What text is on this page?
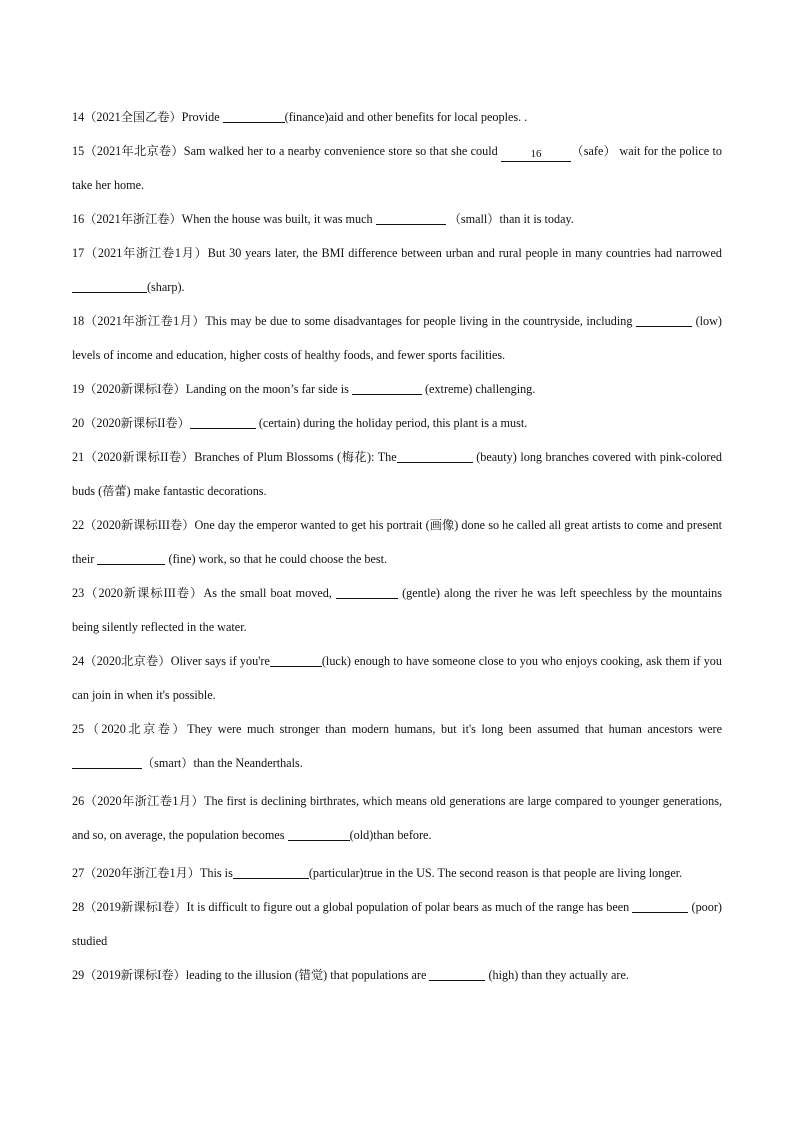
14（2021全国乙卷）Provide	(finance)aid and other benefits for local peoples. .

15（2021年北京卷）Sam walked her to a nearby convenience store so that she could	16 （safe） wait for the police to take her home.

16（2021年浙江卷）When the house was built, it was much	（small）than it is today.

17（2021年浙江卷1月）But 30 years later, the BMI difference between urban and rural people in many countries had narrowed (sharp).

18（2021年浙江卷1月）This may be due to some disadvantages for people living in the countryside, including	(low) levels of income and education, higher costs of healthy foods, and fewer sports facilities.

19（2020新课标I卷）Landing on the moon’s far side is	(extreme) challenging.

20（2020新课标II卷）	(certain) during the holiday period, this plant is a must.

21（2020新课标II卷）Branches of Plum Blossoms (梅花): The	(beauty) long branches covered with pink-colored buds (蓓蕾) make fantastic decorations.

22（2020新课标III卷）One day the emperor wanted to get his portrait (画像) done so he called all great artists to come and present their	(fine) work, so that he could choose the best.

23（2020新课标III卷）As the small boat moved,	(gentle) along the river he was left speechless by the mountains being silently reflected in the water.

24（2020北京卷）Oliver says if you're	(luck) enough to have someone close to you who enjoys cooking, ask them if you can join in when it's possible.

25（2020北京卷）They were much stronger than modern humans, but it's long been assumed that human ancestors were（smart）than the Neanderthals.

26（2020年浙江卷1月）The first is declining birthrates, which means old generations are large compared to younger generations, and so, on average, the population becomes	(old)than before.

27（2020年浙江卷1月）This is	(particular)true in the US. The second reason is that people are living longer.

28（2019新课标I卷）It is difficult to figure out a global population of polar bears as much of the range has been	(poor) studied

29（2019新课标I卷）leading to the illusion (错觉) that populations are	(high) than they actually are.
